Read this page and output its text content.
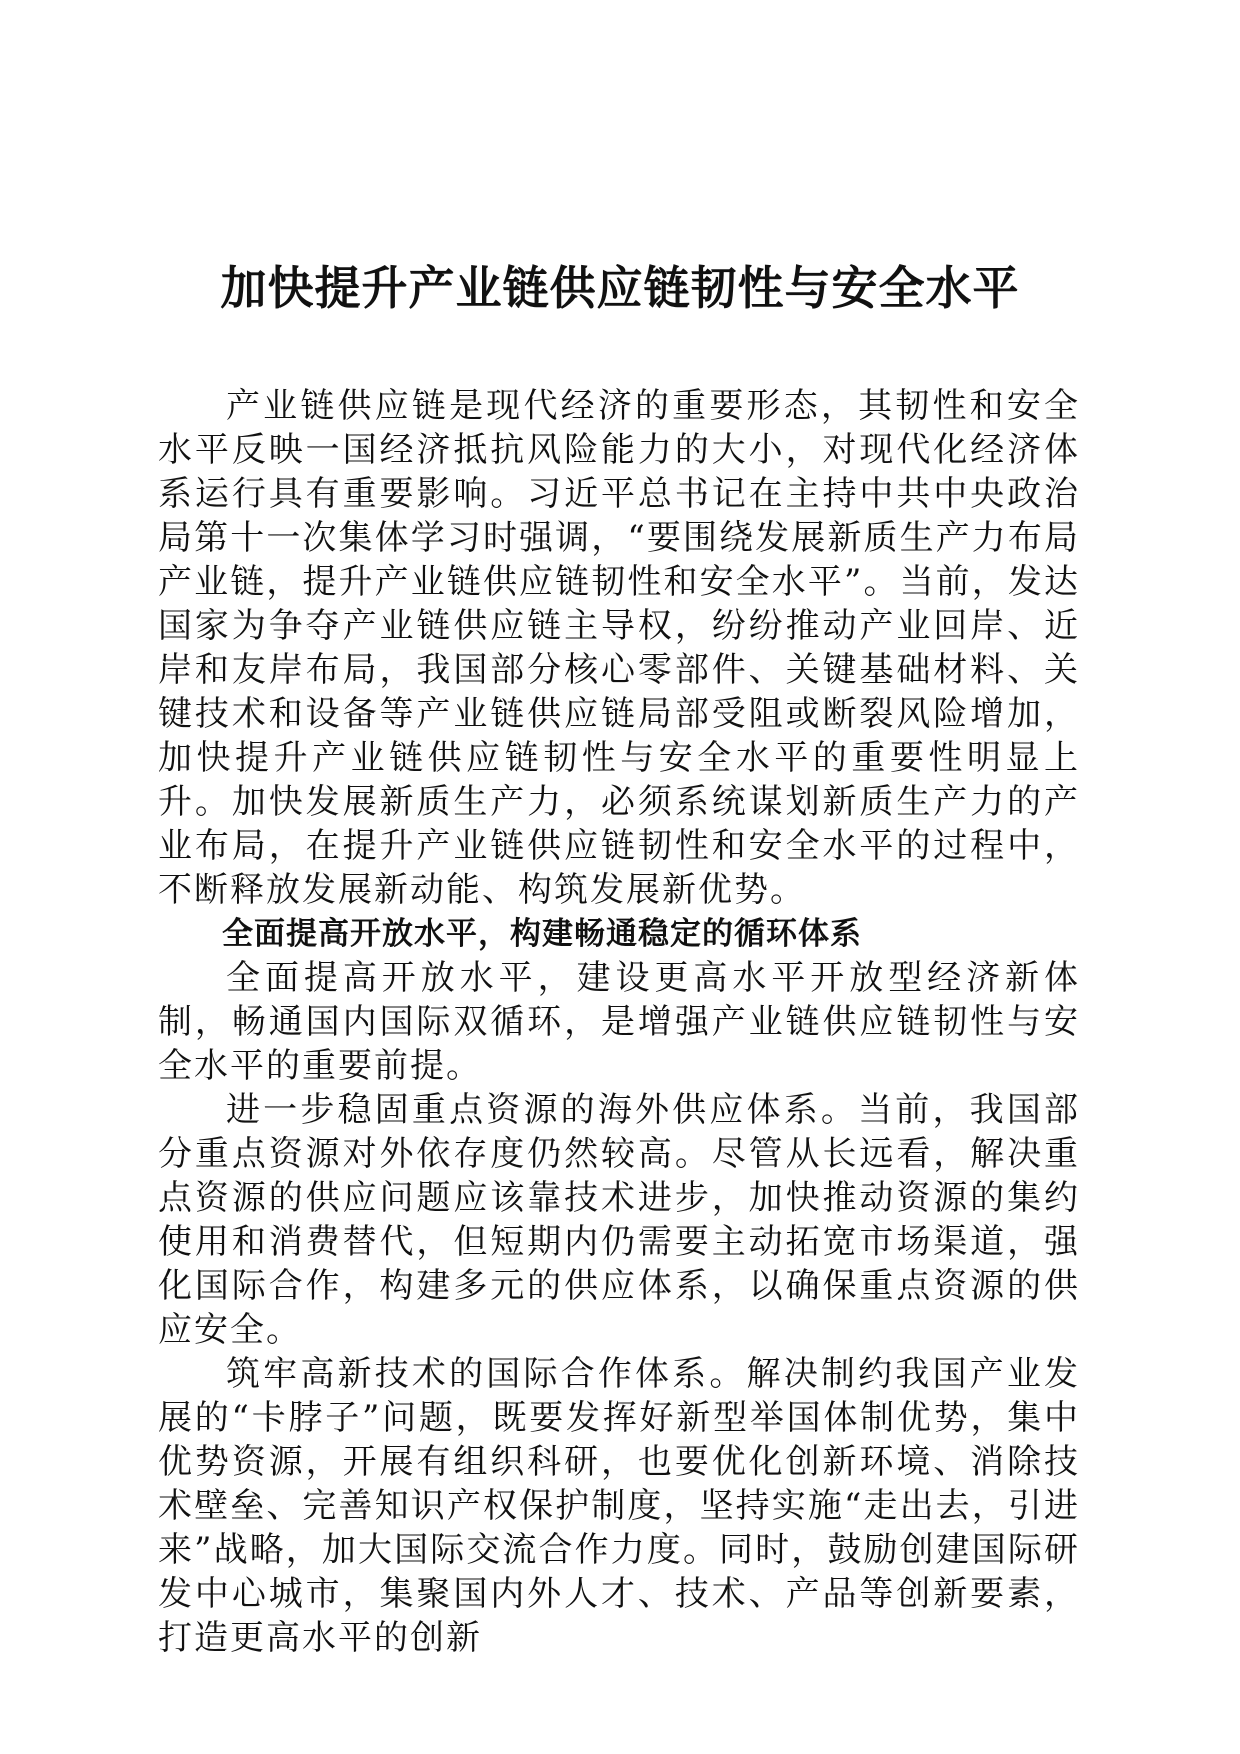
加快提升产业链供应链韧性与安全水平

产业链供应链是现代经济的重要形态，其韧性和安全水平反映一国经济抵抗风险能力的大小，对现代化经济体系运行具有重要影响。习近平总书记在主持中共中央政治局第十一次集体学习时强调，“要围绕发展新质生产力布局产业链，提升产业链供应链韧性和安全水平”。当前，发达国家为争夺产业链供应链主导权，纷纷推动产业回岸、近岸和友岸布局，我国部分核心零部件、关键基础材料、关键技术和设备等产业链供应链局部受阻或断裂风险增加，加快提升产业链供应链韧性与安全水平的重要性明显上升。加快发展新质生产力，必须系统谋划新质生产力的产业布局，在提升产业链供应链韧性和安全水平的过程中，不断释放发展新动能、构筑发展新优势。

全面提高开放水平，构建畅通稳定的循环体系

全面提高开放水平，建设更高水平开放型经济新体制，畅通国内国际双循环，是增强产业链供应链韧性与安全水平的重要前提。

进一步稳固重点资源的海外供应体系。当前，我国部分重点资源对外依存度仍然较高。尽管从长远看，解决重点资源的供应问题应该靠技术进步，加快推动资源的集约使用和消费替代，但短期内仍需要主动拓宽市场渠道，强化国际合作，构建多元的供应体系，以确保重点资源的供应安全。

筑牢高新技术的国际合作体系。解决制约我国产业发展的“卡脖子”问题，既要发挥好新型举国体制优势，集中优势资源，开展有组织科研，也要优化创新环境、消除技术壁垒、完善知识产权保护制度，坚持实施“走出去，引进来”战略，加大国际交流合作力度。同时，鼓励创建国际研发中心城市，集聚国内外人才、技术、产品等创新要素，打造更高水平的创新
